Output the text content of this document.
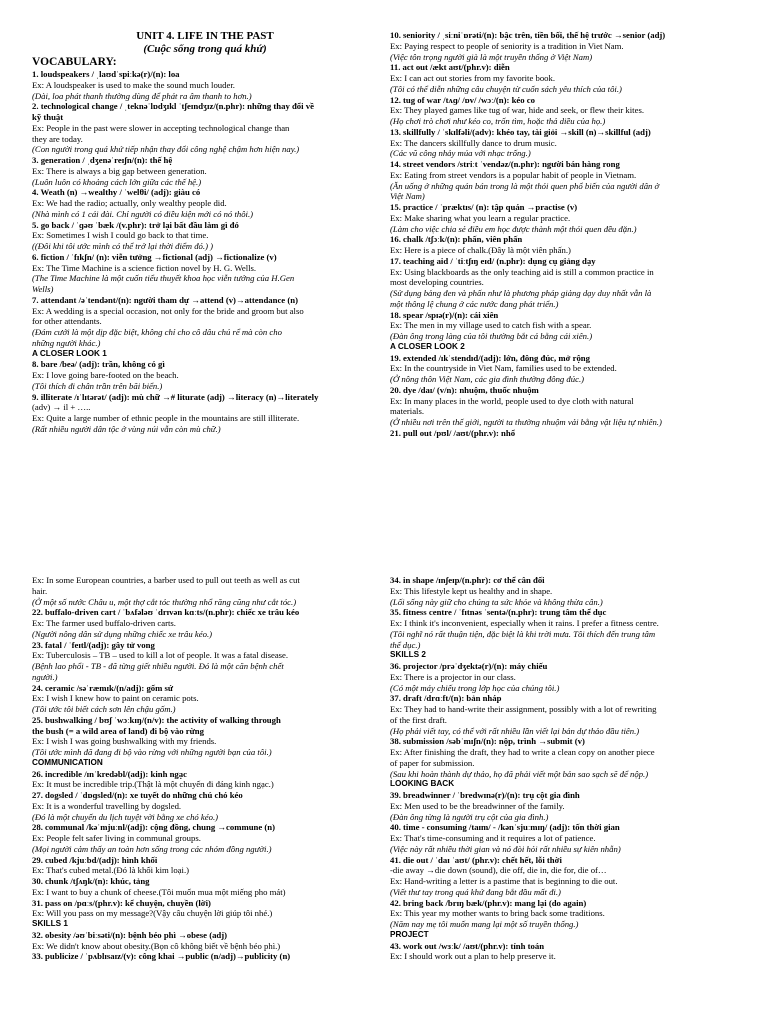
UNIT 4. LIFE IN THE PAST
(Cuộc sống trong quá khứ)
VOCABULARY:
1. loudspeakers / ˌlaʊdˈspiːkə(r)/(n): loa
Ex: A loudspeaker is used to make the sound much louder.
(Dài, loa phát thanh thường dùng để phát ra âm thanh to hơn.)
2. technological change / ˌteknəˈlɒdʒɪkl ˈtʃeɪndʒɪz/(n.phr): những thay đổi về
kỹ thuật
Ex: People in the past were slower in accepting technological change than
they are today.
(Con người trong quá khứ tiếp nhận thay đổi công nghệ chậm hơn hiện nay.)
3. generation / ˌdʒenəˈreɪʃn/(n): thế hệ
Ex: There is always a big gap between generation.
(Luôn luôn có khoảng cách lớn giữa các thế hệ.)
4. Weath (n) →wealthy / ˈwelθi/ (adj): giàu có
Ex: We had the radio; actually, only wealthy people did.
(Nhà mình có 1 cái đài. Chỉ người có điều kiện mới có nó thôi.)
5. go back / ˈɡəʊ ˈbæk /(v.phr): trở lại bất đầu làm gì đó
Ex: Sometimes I wish I could go back to that time.
((Đôi khi tôi ước mình có thể trở lại thời điểm đó.) )
6. fiction / ˈfɪkʃn/ (n): viễn tưởng →fictional (adj) →fictionalize (v)
Ex: The Time Machine is a science fiction novel by H. G. Wells.
(The Time Machine là một cuốn tiểu thuyết khoa học viễn tưởng của H.Gen
Wells)
7. attendant /əˈtendənt/(n): người tham dự →attend (v)→attendance (n)
Ex: A wedding is a special occasion, not only for the bride and groom but also
for other attendants.
(Đám cưới là một dịp đặc biệt, không chỉ cho cô dâu chú rể mà còn cho
những người khác.)
A CLOSER LOOK 1
8. bare /beə/ (adj): trần, không có gì
Ex: I love going bare-footed on the beach.
(Tôi thích đi chân trần trên bãi biển.)
9. illiterate /ɪˈlɪtərət/ (adj): mù chữ →# liturate (adj) →literacy (n)→literately
(adv) → il + …..
Ex: Quite a large number of ethnic people in the mountains are still illiterate.
(Rất nhiều người dân tộc ở vùng núi vẫn còn mù chữ.)
10. seniority / ˌsiːniˈɒrəti/(n): bậc trên, tiền bối, thế hệ trước →senior (adj)
Ex: Paying respect to people of seniority is a tradition in Viet Nam.
(Việc tôn trọng người già là một truyền thống ở Việt Nam)
11. act out /ækt aʊt/(phr.v): diễn
Ex: I can act out stories from my favorite book.
(Tôi có thể diễn những câu chuyện từ cuốn sách yêu thích của tôi.)
12. tug of war /tʌɡ/ /ɒv/ /wɔː/(n): kéo co
Ex: They played games like tug of war, hide and seek, or flew their kites.
(Họ chơi trò chơi như kéo co, trốn tìm, hoặc thả diều của họ.)
13. skillfully / ˈskɪlfəli/(adv): khéo tay, tài giỏi →skill (n)→skillful (adj)
Ex: The dancers skillfully dance to drum music.
(Các vũ công nhảy múa với nhạc trống.)
14. street vendors /striːt ˈvendəz/(n.phr): người bán hàng rong
Ex: Eating from street vendors is a popular habit of people in Vietnam.
(Ăn uống ở những quán bán trong là một thói quen phổ biến của người dân ở
Việt Nam)
15. practice / ˈpræktɪs/ (n): tập quán →practise (v)
Ex: Make sharing what you learn a regular practice.
(Làm cho việc chia sẻ điều em học được thành một thói quen đều đặn.)
16. chalk /tʃɔːk/(n): phấn, viên phấn
Ex: Here is a piece of chalk.(Đây là một viên phấn.)
17. teaching aid / ˈtiːtʃɪŋ eɪd/ (n.phr): dụng cụ giảng dạy
Ex: Using blackboards as the only teaching aid is still a common practice in
most developing countries.
(Sử dụng bảng đen và phấn như là phương pháp giảng dạy duy nhất vẫn là
một thông lệ chung ở các nước đang phát triển.)
18. spear /spɪə(r)/(n): cái xiên
Ex: The men in my village used to catch fish with a spear.
(Đàn ông trong làng của tôi thường bắt cá bằng cái xiên.)
A CLOSER LOOK 2
19. extended /ɪkˈstendɪd/(adj): lớn, đông đúc, mở rộng
Ex: In the countryside in Viet Nam, families used to be extended.
(Ở nông thôn Việt Nam, các gia đình thường đông đúc.)
20. dye /daɪ/ (v/n): nhuộm, thuốc nhuộm
Ex: In many places in the world, people used to dye cloth with natural
materials.
(Ở nhiều nơi trên thế giới, người ta thường nhuộm vải bằng vật liệu tự nhiên.)
21. pull out /pʊl/ /aʊt/(phr.v): nhổ
Ex: In some European countries, a barber used to pull out teeth as well as cut
hair.
(Ở một số nước Châu u, một thợ cắt tóc thường nhổ răng cũng như cắt tóc.)
22. buffalo-driven cart / ˈbʌfələʊ ˈdrɪvən kɑːts/(n.phr): chiếc xe trâu kéo
Ex: The farmer used buffalo-driven carts.
(Người nông dân sử dụng những chiếc xe trâu kéo.)
23. fatal / ˈfeɪtl/(adj): gây tử vong
Ex: Tuberculosis – TB – used to kill a lot of people. It was a fatal disease.
(Bệnh lao phổi - TB - đã từng giết nhiều người. Đó là một căn bệnh chết
người.)
24. ceramic /səˈræmɪk/(n/adj): gốm sứ
Ex: I wish I knew how to paint on ceramic pots.
(Tôi ước tôi biết cách sơn lên chậu gốm.)
25. bushwalking / bʊʃ ˈwɔːkɪŋ/(n/v): the activity of walking through
the bush (= a wild area of land) đi bộ vào rừng
Ex: I wish I was going bushwalking with my friends.
(Tôi ước mình đã đang đi bộ vào rừng với những người bạn của tôi.)
COMMUNICATION
26. incredible /ɪnˈkredəbl/(adj): kinh ngạc
Ex: It must be incredible trip.(Thật là một chuyến đi đáng kinh ngạc.)
27. dogsled / ˈdɒɡsled/(n): xe tuyết do những chú chó kéo
Ex: It is a wonderful travelling by dogsled.
(Đó là một chuyến du lịch tuyệt vời bằng xe chó kéo.)
28. communal /kəˈmjuːnl/(adj): cộng đồng, chung →commune (n)
Ex: People felt safer living in communal groups.
(Mọi người cảm thấy an toàn hơn sống trong các nhóm đồng người.)
29. cubed /kjuːbd/(adj): hình khối
Ex: That's cubed metal.(Đó là khối kim loại.)
30. chunk /tʃʌŋk/(n): khúc, tảng
Ex: I want to buy a chunk of cheese.(Tôi muốn mua một miếng pho mát)
31. pass on /pɑːs/(phr.v): kể chuyện, chuyền (lời)
Ex: Will you pass on my message?(Vậy câu chuyện lời giúp tôi nhé.)
SKILLS 1
32. obesity /əʊˈbiːsəti/(n): bệnh béo phì →obese (adj)
Ex: We didn't know about obesity.(Bọn cô không biết về bệnh béo phì.)
33. publicize / ˈpʌblɪsaɪz/(v): công khai →public (n/adj)→publicity (n)
34. in shape /ɪnʃeɪp/(n.phr): cơ thể cân đối
Ex: This lifestyle kept us healthy and in shape.
(Lối sống này giữ cho chúng ta sức khỏe và không thừa cân.)
35. fitness centre / ˈfɪtnəs ˈsentə/(n.phr): trung tâm thể dục
Ex: I think it's inconvenient, especially when it rains. I prefer a fitness centre.
(Tôi nghĩ nó rất thuận tiện, đặc biệt là khi trời mưa. Tôi thích đến trung tâm
thể dục.)
SKILLS 2
36. projector /prəˈdʒektə(r)/(n): máy chiếu
Ex: There is a projector in our class.
(Có một máy chiếu trong lớp học của chúng tôi.)
37. draft /drɑːft/(n): bản nháp
Ex: They had to hand-write their assignment, possibly with a lot of rewriting
of the first draft.
(Họ phải viết tay, có thể với rất nhiều lần viết lại bản dự thảo đầu tiên.)
38. submission /səbˈmɪʃn/(n): nộp, trình →submit (v)
Ex: After finishing the draft, they had to write a clean copy on another piece
of paper for submission.
(Sau khi hoàn thành dự thảo, họ đã phải viết một bản sao sạch sẽ để nộp.)
LOOKING BACK
39. breadwinner / ˈbredwɪnə(r)/(n): trụ cột gia đình
Ex: Men used to be the breadwinner of the family.
(Đàn ông từng là người trụ cột của gia đình.)
40. time - consuming /taɪm/ - /kənˈsjuːmɪŋ/ (adj): tốn thời gian
Ex: That's time-consuming and it requires a lot of patience.
(Việc này rất nhiều thời gian và nó đòi hỏi rất nhiều sự kiên nhẫn)
41. die out / ˈdaɪ ˈaʊt/ (phr.v): chết hết, lỗi thời
-die away →die down (sound), die off, die in, die for, die of…
Ex: Hand-writing a letter is a pastime that is beginning to die out.
(Viết thư tay trong quá khứ đang bắt đầu mất đi.)
42. bring back /brɪŋ bæk/(phr.v): mang lại (do again)
Ex: This year my mother wants to bring back some traditions.
(Năm nay mẹ tôi muốn mang lại một số truyền thống.)
PROJECT
43. work out /wɜːk/ /aʊt/(phr.v): tính toán
Ex: I should work out a plan to help preserve it.
